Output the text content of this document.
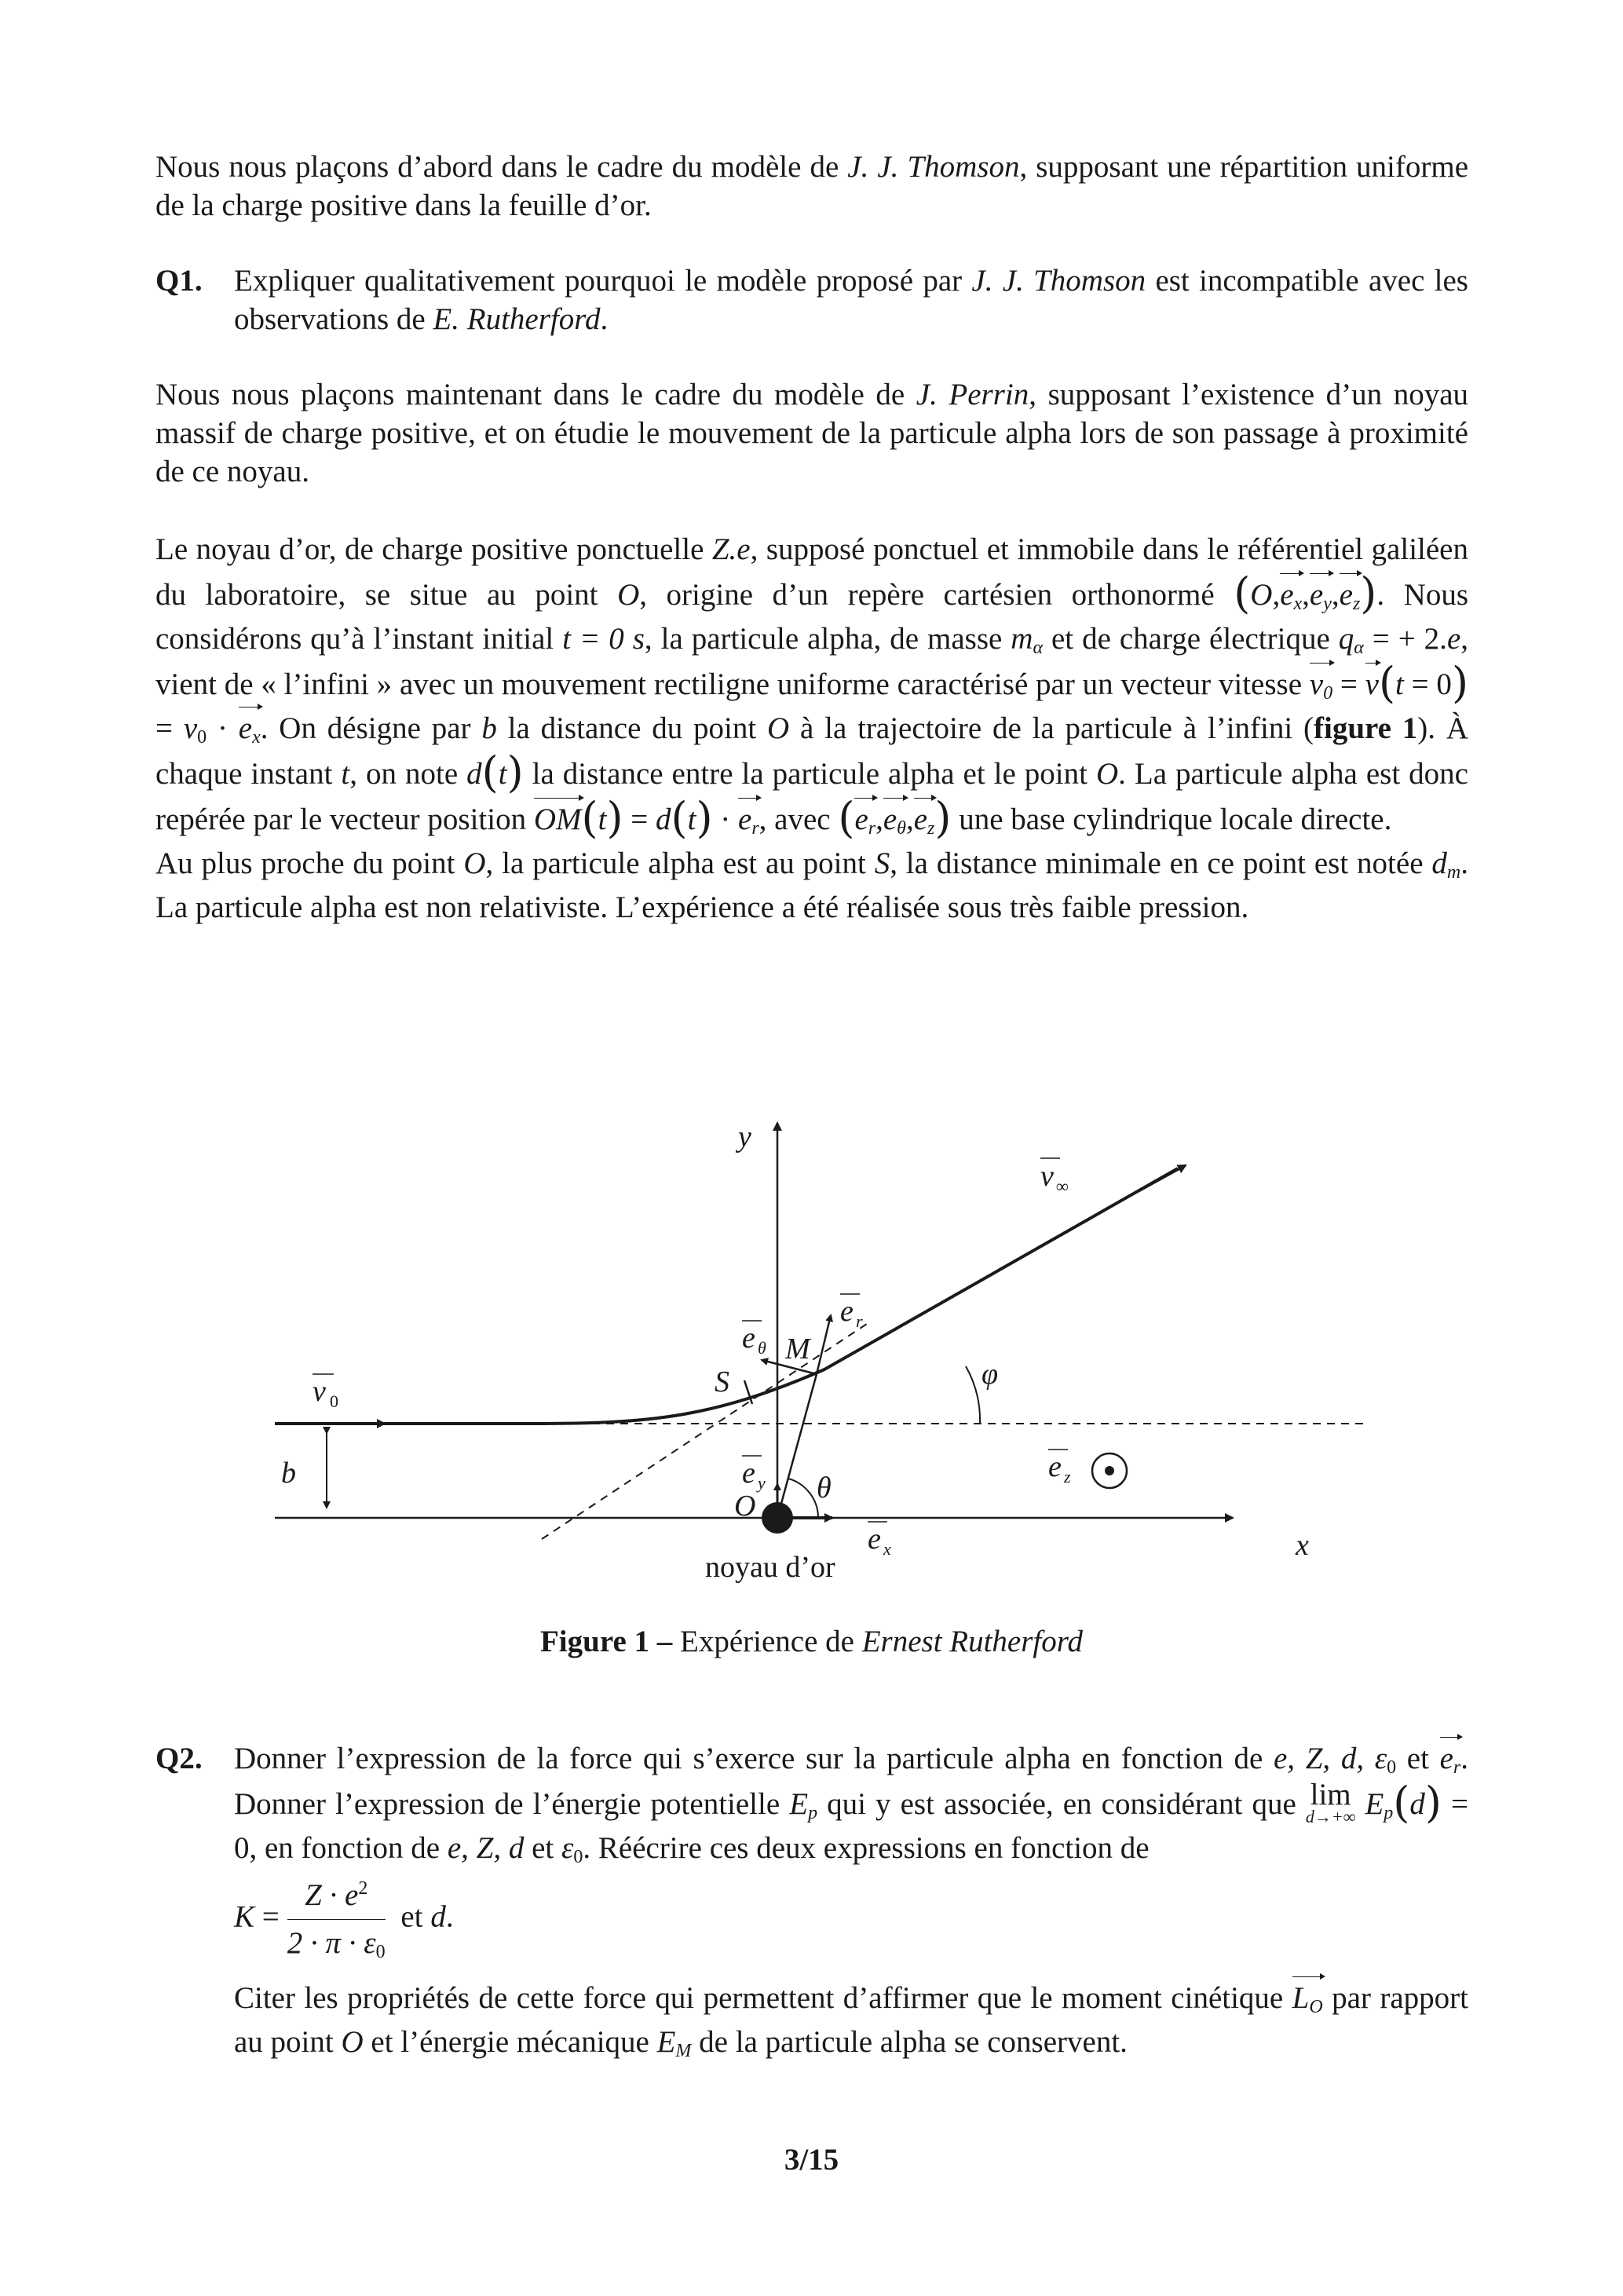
Nous nous plaçons d’abord dans le cadre du modèle de J. J. Thomson, supposant une répartition uniforme de la charge positive dans la feuille d’or.

Q1.	Expliquer qualitativement pourquoi le modèle proposé par J. J. Thomson est incompatible avec les observations de E. Rutherford.

Nous nous plaçons maintenant dans le cadre du modèle de J. Perrin, supposant l’existence d’un noyau massif de charge positive, et on étudie le mouvement de la particule alpha lors de son passage à proximité de ce noyau.

Le noyau d’or, de charge positive ponctuelle Z.e, supposé ponctuel et immobile dans le référentiel galiléen du laboratoire, se situe au point O, origine d’un repère cartésien orthonormé $(O,e_x,e_y,e_z)$. Nous considérons qu’à l’instant initial t = 0 s, la particule alpha, de masse $m_\alpha$ et de charge électrique $q_\alpha$ = + 2.e, vient de « l’infini » avec un mouvement rectiligne uniforme caractérisé par un vecteur vitesse $v_0 = v(t = 0) = v_0 \cdot e_x$. On désigne par b la distance du point O à la trajectoire de la particule à l’infini (figure 1). À chaque instant t, on note d(t) la distance entre la particule alpha et le point O. La particule alpha est donc repérée par le vecteur position $OM(t) = d(t) \cdot e_r$, avec $(e_r,e_\theta,e_z)$ une base cylindrique locale directe.
Au plus proche du point O, la particule alpha est au point S, la distance minimale en ce point est notée $d_m$. La particule alpha est non relativiste. L’expérience a été réalisée sous très faible pression.

y
x
v ∞
v 0
b
O
S
M
φ
θ
e r
e θ
e y
e x
e z
noyau d’or
Figure 1 – Expérience de Ernest Rutherford
Q2.	Donner l’expression de la force qui s’exerce sur la particule alpha en fonction de e, Z, d, $\varepsilon_0$ et $e_r$. Donner l’expression de l’énergie potentielle $E_p$ qui y est associée, en considérant que lim
d→+∞ $E_p(d) = 0$, en fonction de e, Z, d et $\varepsilon_0$. Réécrire ces deux expressions en fonction de
$K = \frac{Z \cdot e^2}{2 \cdot \pi \cdot \varepsilon_0}$ et d.
Citer les propriétés de cette force qui permettent d’affirmer que le moment cinétique $L_O$ par rapport au point O et l’énergie mécanique $E_M$ de la particule alpha se conservent.
3/15
